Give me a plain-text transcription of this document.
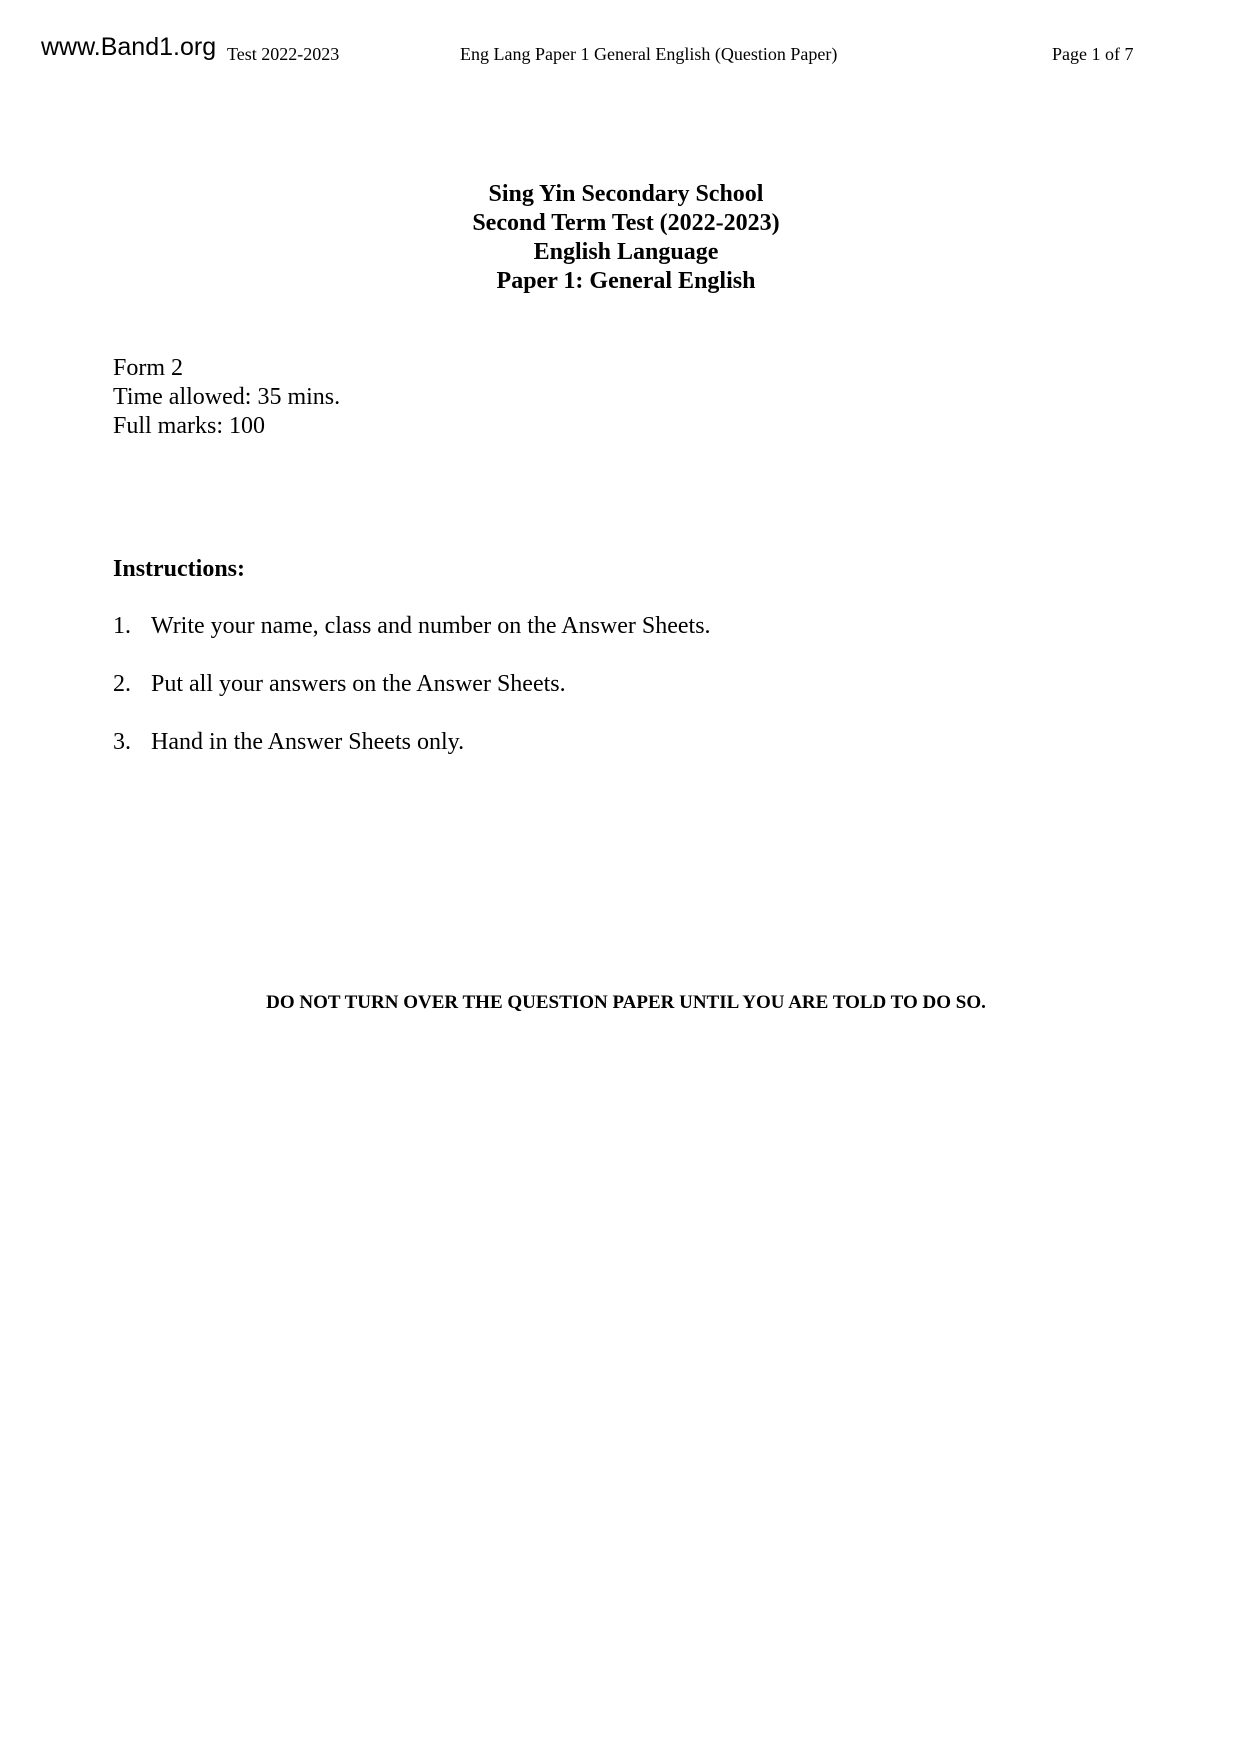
www.Band1.org Test 2022-2023	Eng Lang Paper 1 General English (Question Paper)	Page 1 of 7
Sing Yin Secondary School
Second Term Test (2022-2023)
English Language
Paper 1: General English
Form 2
Time allowed: 35 mins.
Full marks: 100
Instructions:
1. Write your name, class and number on the Answer Sheets.
2. Put all your answers on the Answer Sheets.
3. Hand in the Answer Sheets only.
DO NOT TURN OVER THE QUESTION PAPER UNTIL YOU ARE TOLD TO DO SO.
